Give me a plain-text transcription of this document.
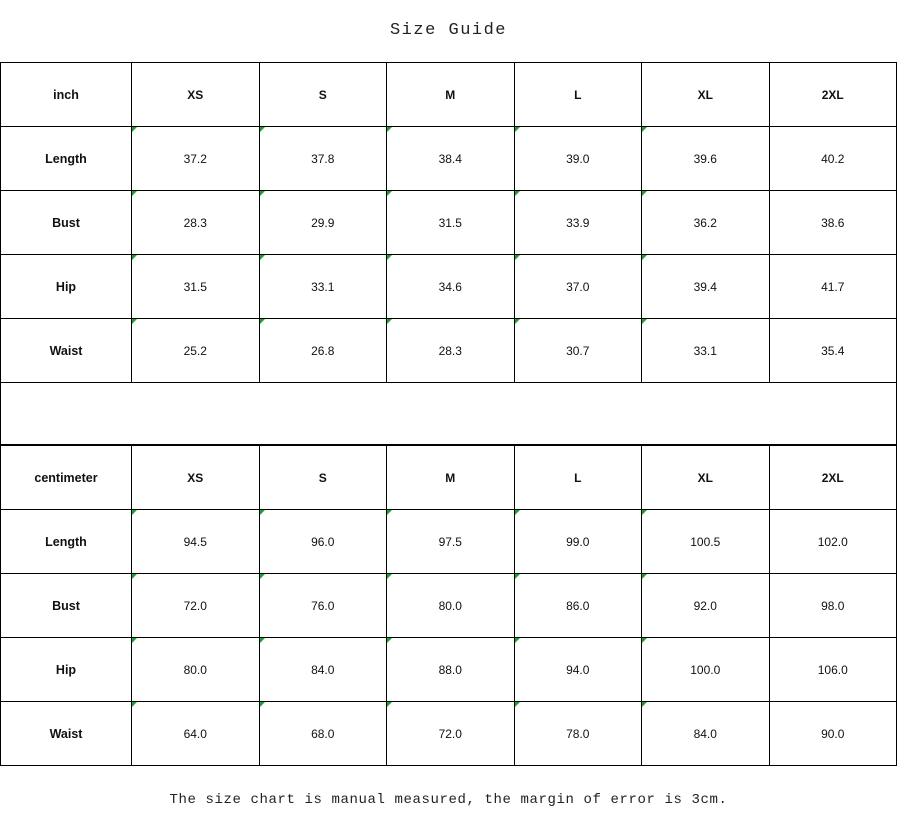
Size Guide
inch	XS	S	M	L	XL	2XL
Length	37.2	37.8	38.4	39.0	39.6	40.2
Bust	28.3	29.9	31.5	33.9	36.2	38.6
Hip	31.5	33.1	34.6	37.0	39.4	41.7
Waist	25.2	26.8	28.3	30.7	33.1	35.4
centimeter	XS	S	M	L	XL	2XL
Length	94.5	96.0	97.5	99.0	100.5	102.0
Bust	72.0	76.0	80.0	86.0	92.0	98.0
Hip	80.0	84.0	88.0	94.0	100.0	106.0
Waist	64.0	68.0	72.0	78.0	84.0	90.0
The size chart is manual measured, the margin of error is 3cm.
